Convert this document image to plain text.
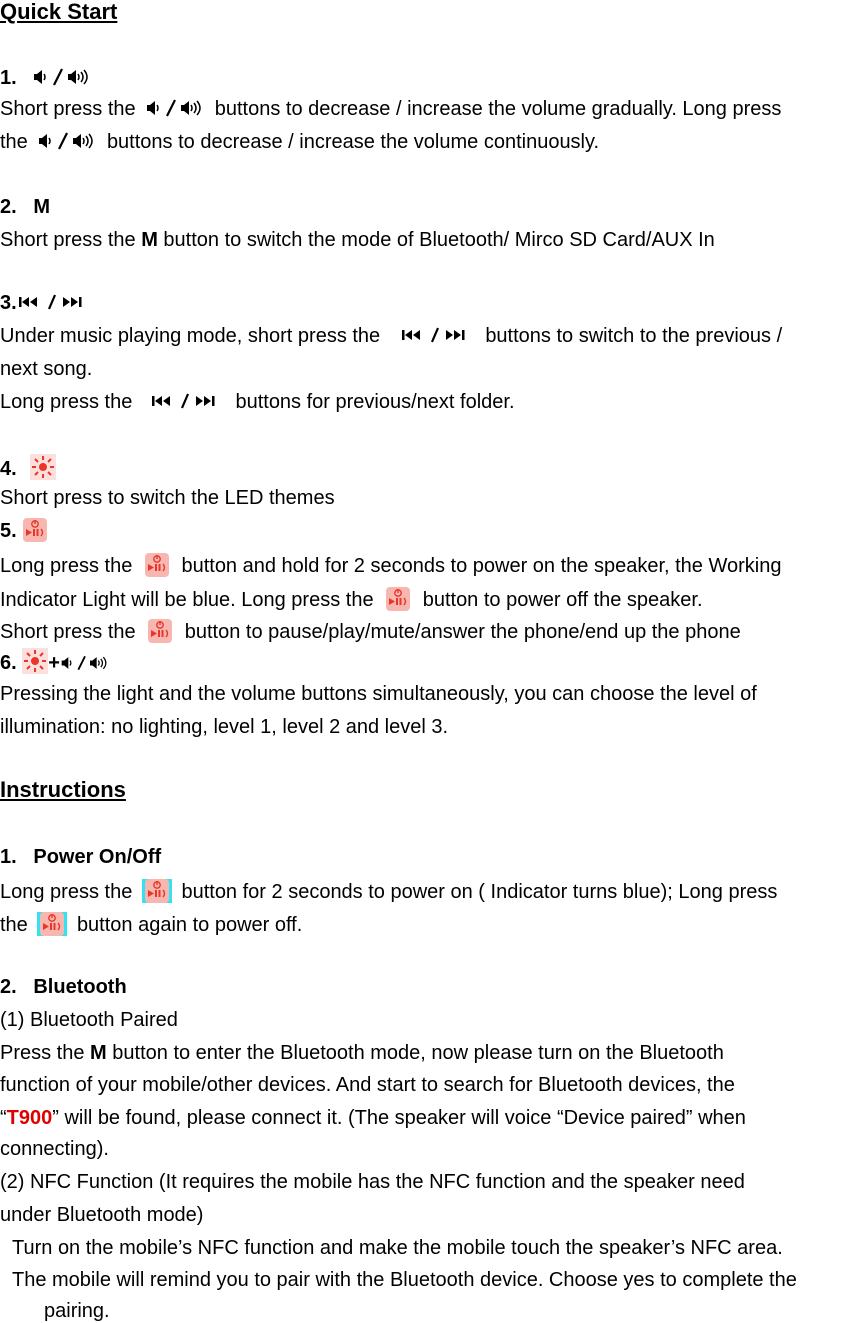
Quick Start
1.
Short press the	buttons to decrease / increase the volume gradually. Long press
the	buttons to decrease / increase the volume continuously.
2. M
Short press the M button to switch the mode of Bluetooth/ Mirco SD Card/AUX In
3.
Under music playing mode, short press the	buttons to switch to the previous /
next song.
Long press the	buttons for previous/next folder.
4.
Short press to switch the LED themes
5.
Long press the button and hold for 2 seconds to power on the speaker, the Working
Indicator Light will be blue. Long press the button to power off the speaker.
Short press the button to pause/play/mute/answer the phone/end up the phone
6. +
Pressing the light and the volume buttons simultaneously, you can choose the level of
illumination: no lighting, level 1, level 2 and level 3.
Instructions
1. Power On/Off
Long press the button for 2 seconds to power on ( Indicator turns blue); Long press
the button again to power off.
2. Bluetooth
(1) Bluetooth Paired
Press the M button to enter the Bluetooth mode, now please turn on the Bluetooth
function of your mobile/other devices. And start to search for Bluetooth devices, the
“T900” will be found, please connect it. (The speaker will voice “Device paired” when
connecting).
(2) NFC Function (It requires the mobile has the NFC function and the speaker need
under Bluetooth mode)
Turn on the mobile’s NFC function and make the mobile touch the speaker’s NFC area.
The mobile will remind you to pair with the Bluetooth device. Choose yes to complete the
pairing.
